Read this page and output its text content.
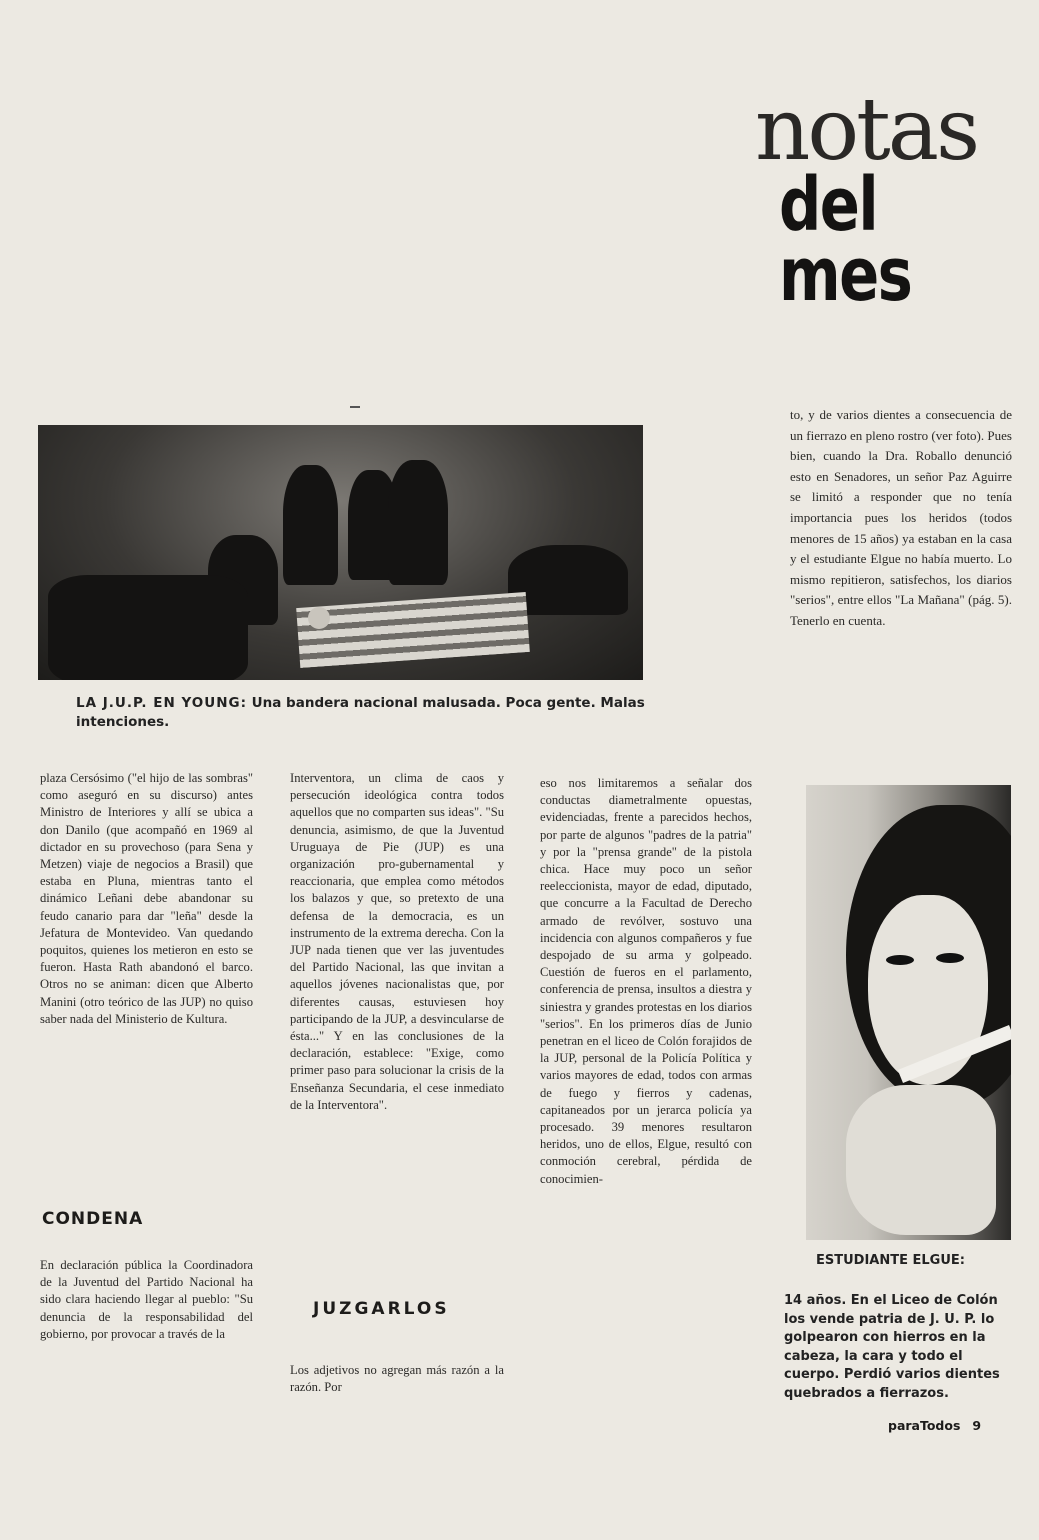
notas
del mes
LA J.U.P. EN YOUNG: Una bandera nacional malusada. Poca gente. Malas intenciones.
to, y de varios dientes a consecuencia de un fierrazo en pleno rostro (ver foto). Pues bien, cuando la Dra. Roballo denunció esto en Senadores, un señor Paz Aguirre se limitó a responder que no tenía importancia pues los heridos (todos menores de 15 años) ya estaban en la casa y el estudiante Elgue no había muerto. Lo mismo repitieron, satisfechos, los diarios "serios", entre ellos "La Mañana" (pág. 5). Tenerlo en cuenta.
ESTUDIANTE ELGUE:
14 años. En el Liceo de Colón los vende patria de J. U. P. lo golpearon con hierros en la cabeza, la cara y todo el cuerpo. Perdió varios dientes quebrados a fierrazos.
plaza Cersósimo ("el hijo de las sombras" como aseguró en su discurso) antes Ministro de Interiores y allí se ubica a don Danilo (que acompañó en 1969 al dictador en su provechoso (para Sena y Metzen) viaje de negocios a Brasil) que estaba en Pluna, mientras tanto el dinámico Leñani debe abandonar su feudo canario para dar "leña" desde la Jefatura de Montevideo. Van quedando poquitos, quienes los metieron en esto se fueron. Hasta Rath abandonó el barco. Otros no se animan: dicen que Alberto Manini (otro teórico de las JUP) no quiso saber nada del Ministerio de Kultura.
CONDENA
En declaración pública la Coordinadora de la Juventud del Partido Nacional ha sido clara haciendo llegar al pueblo: "Su denuncia de la responsabilidad del gobierno, por provocar a través de la
Interventora, un clima de caos y persecución ideológica contra todos aquellos que no comparten sus ideas". "Su denuncia, asimismo, de que la Juventud Uruguaya de Pie (JUP) es una organización pro-gubernamental y reaccionaria, que emplea como métodos los balazos y que, so pretexto de una defensa de la democracia, es un instrumento de la extrema derecha. Con la JUP nada tienen que ver las juventudes del Partido Nacional, las que invitan a aquellos jóvenes nacionalistas que, por diferentes causas, estuviesen hoy participando de la JUP, a desvincularse de ésta..." Y en las conclusiones de la declaración, establece: "Exige, como primer paso para solucionar la crisis de la Enseñanza Secundaria, el cese inmediato de la Interventora".
JUZGARLOS
Los adjetivos no agregan más razón a la razón. Por
eso nos limitaremos a señalar dos conductas diametralmente opuestas, evidenciadas, frente a parecidos hechos, por parte de algunos "padres de la patria" y por la "prensa grande" de la pistola chica. Hace muy poco un señor reeleccionista, mayor de edad, diputado, que concurre a la Facultad de Derecho armado de revólver, sostuvo una incidencia con algunos compañeros y fue despojado de su arma y golpeado. Cuestión de fueros en el parlamento, conferencia de prensa, insultos a diestra y siniestra y grandes protestas en los diarios "serios". En los primeros días de Junio penetran en el liceo de Colón forajidos de la JUP, personal de la Policía Política y varios mayores de edad, todos con armas de fuego y fierros y cadenas, capitaneados por un jerarca policía ya procesado. 39 menores resultaron heridos, uno de ellos, Elgue, resultó con conmoción cerebral, pérdida de conocimien-
paraTodos 9
